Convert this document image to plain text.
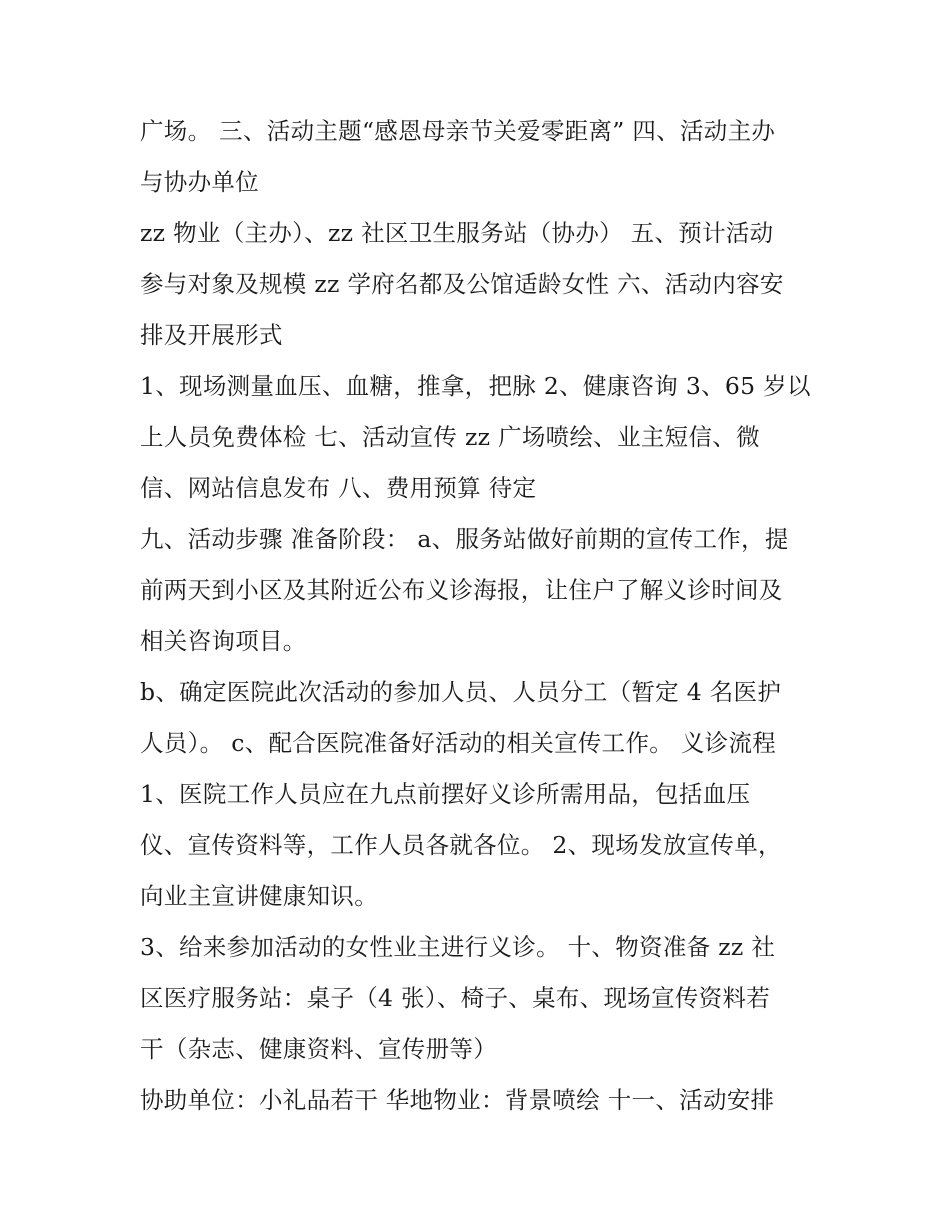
广场。 三、活动主题“感恩母亲节关爱零距离” 四、活动主办
与协办单位
zz 物业（主办）、zz 社区卫生服务站（协办） 五、预计活动
参与对象及规模 zz 学府名都及公馆适龄女性 六、活动内容安
排及开展形式
1、现场测量血压、血糖，推拿，把脉 2、健康咨询 3、65 岁以
上人员免费体检 七、活动宣传 zz 广场喷绘、业主短信、微
信、网站信息发布 八、费用预算 待定
九、活动步骤 准备阶段： a、服务站做好前期的宣传工作，提
前两天到小区及其附近公布义诊海报，让住户了解义诊时间及
相关咨询项目。
b、确定医院此次活动的参加人员、人员分工（暂定 4 名医护
人员）。 c、配合医院准备好活动的相关宣传工作。 义诊流程
1、医院工作人员应在九点前摆好义诊所需用品，包括血压
仪、宣传资料等，工作人员各就各位。 2、现场发放宣传单，
向业主宣讲健康知识。
3、给来参加活动的女性业主进行义诊。 十、物资准备 zz 社
区医疗服务站：桌子（4 张）、椅子、桌布、现场宣传资料若
干（杂志、健康资料、宣传册等）
协助单位：小礼品若干 华地物业：背景喷绘 十一、活动安排
